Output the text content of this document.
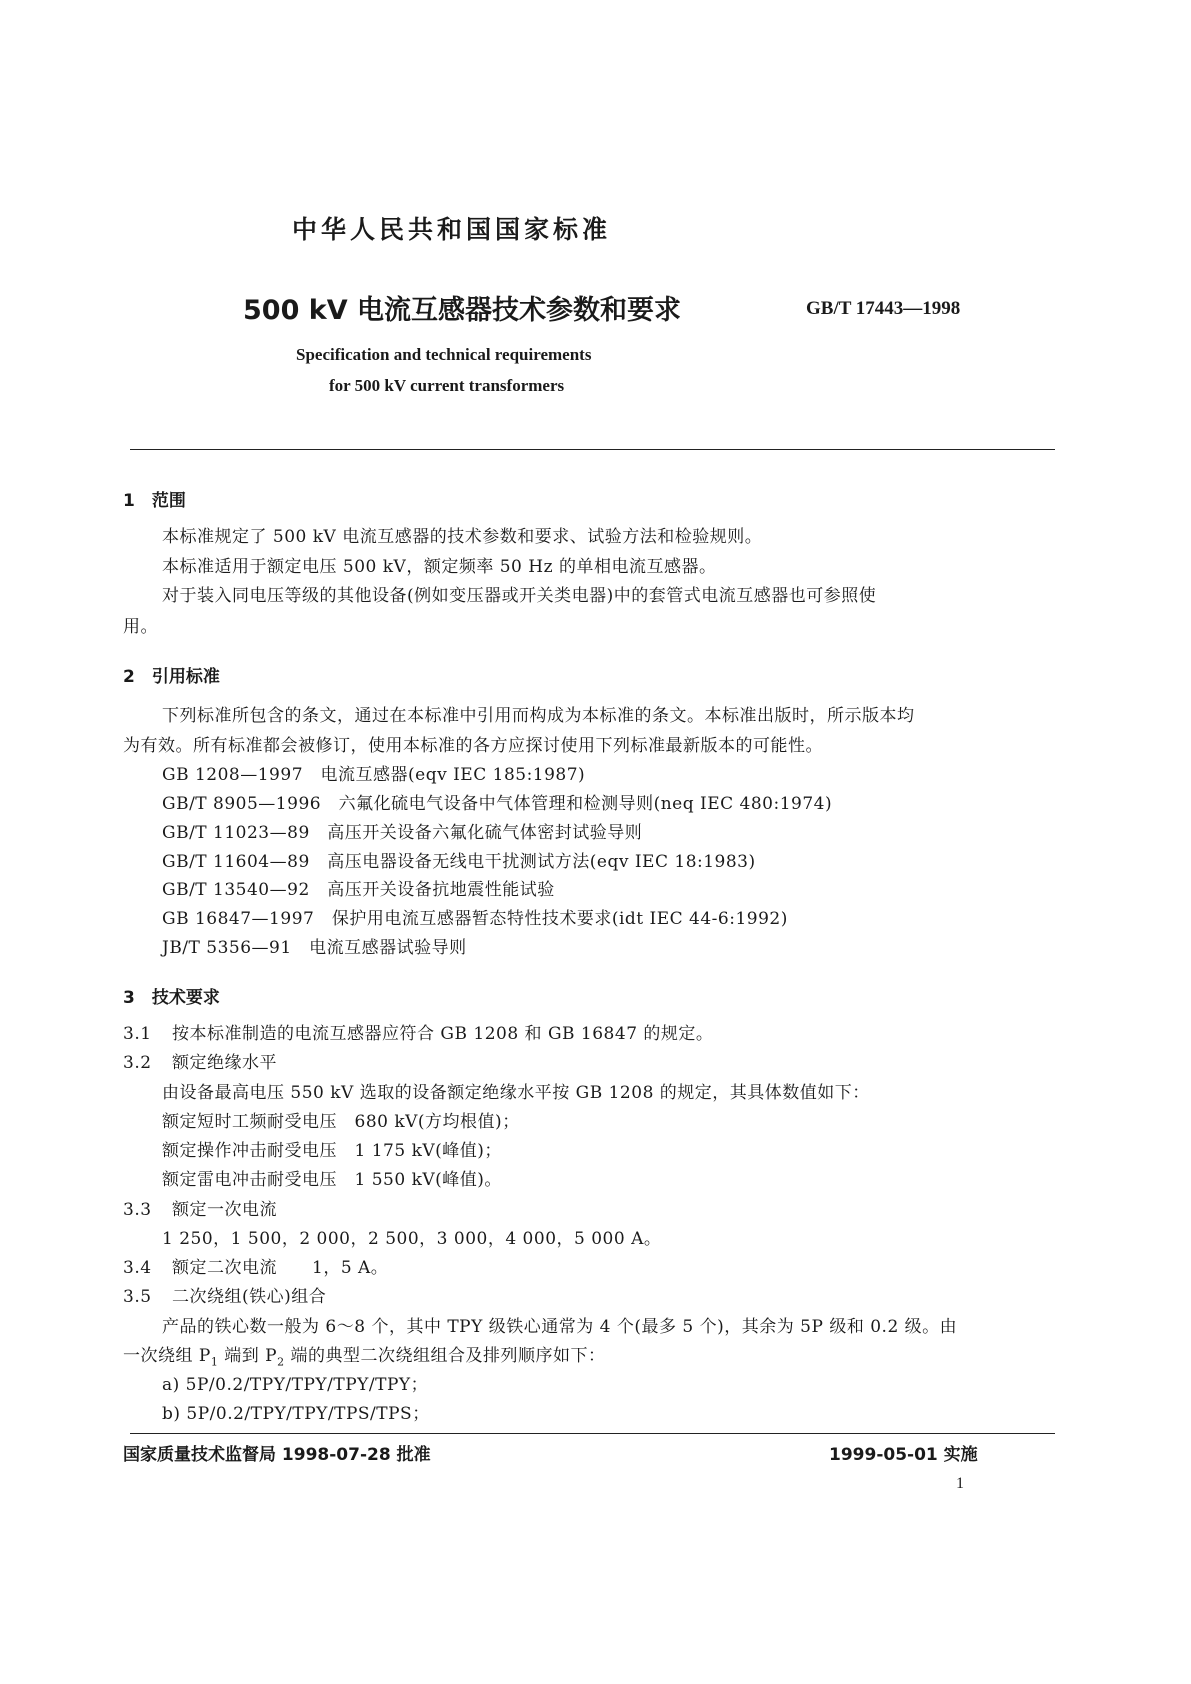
中华人民共和国国家标准
500 kV 电流互感器技术参数和要求	GB/T 17443—1998
Specification and technical requirements
for 500 kV current transformers
1　范围
本标准规定了 500 kV 电流互感器的技术参数和要求、试验方法和检验规则。
本标准适用于额定电压 500 kV，额定频率 50 Hz 的单相电流互感器。
对于装入同电压等级的其他设备(例如变压器或开关类电器)中的套管式电流互感器也可参照使
用。
2　引用标准
下列标准所包含的条文，通过在本标准中引用而构成为本标准的条文。本标准出版时，所示版本均
为有效。所有标准都会被修订，使用本标准的各方应探讨使用下列标准最新版本的可能性。
GB 1208—1997　电流互感器(eqv IEC 185:1987)
GB/T 8905—1996　六氟化硫电气设备中气体管理和检测导则(neq IEC 480:1974)
GB/T 11023—89　高压开关设备六氟化硫气体密封试验导则
GB/T 11604—89　高压电器设备无线电干扰测试方法(eqv IEC 18:1983)
GB/T 13540—92　高压开关设备抗地震性能试验
GB 16847—1997　保护用电流互感器暂态特性技术要求(idt IEC 44-6:1992)
JB/T 5356—91　电流互感器试验导则
3　技术要求
3.1 按本标准制造的电流互感器应符合 GB 1208 和 GB 16847 的规定。
3.2 额定绝缘水平
由设备最高电压 550 kV 选取的设备额定绝缘水平按 GB 1208 的规定，其具体数值如下：
额定短时工频耐受电压　680 kV(方均根值)；
额定操作冲击耐受电压　1 175 kV(峰值)；
额定雷电冲击耐受电压　1 550 kV(峰值)。
3.3 额定一次电流
1 250，1 500，2 000，2 500，3 000，4 000，5 000 A。
3.4 额定二次电流　　1，5 A。
3.5 二次绕组(铁心)组合
产品的铁心数一般为 6～8 个，其中 TPY 级铁心通常为 4 个(最多 5 个)，其余为 5P 级和 0.2 级。由
一次绕组 $P_1$ 端到 $P_2$ 端的典型二次绕组组合及排列顺序如下：
a) 5P/0.2/TPY/TPY/TPY/TPY；
b) 5P/0.2/TPY/TPY/TPS/TPS；
国家质量技术监督局 1998-07-28 批准	1999-05-01 实施
1
